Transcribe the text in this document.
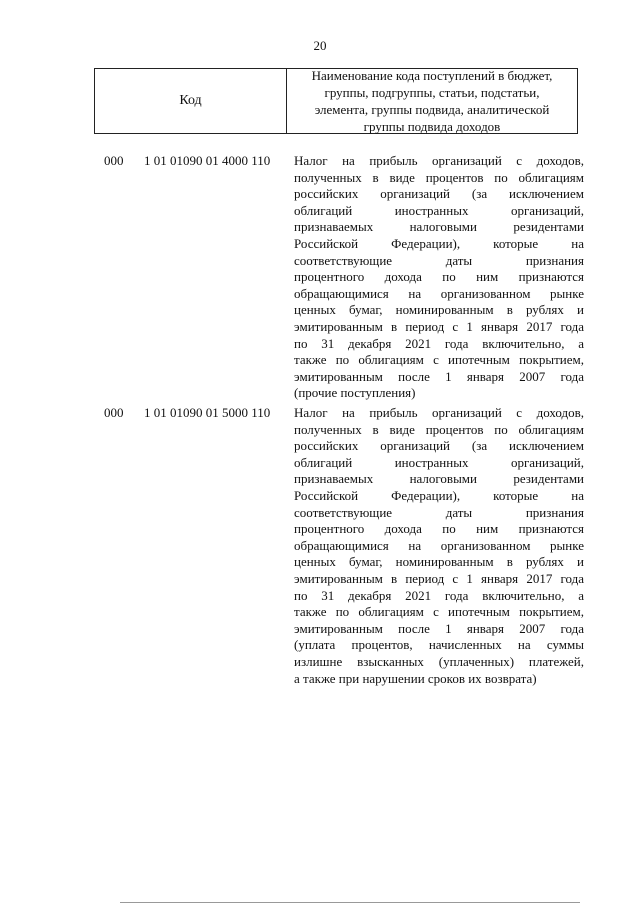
20
Код
Наименование кода поступлений в бюджет,
группы, подгруппы, статьи, подстатьи,
элемента, группы подвида, аналитической
группы подвида доходов
000 1 01 01090 01 4000 110 Налог на прибыль организаций с доходов,
полученных в виде процентов по облигациям
российских организаций (за исключением
облигаций иностранных организаций,
признаваемых налоговыми резидентами
Российской Федерации), которые на
соответствующие даты признания
процентного дохода по ним признаются
обращающимися на организованном рынке
ценных бумаг, номинированным в рублях и
эмитированным в период с 1 января 2017 года
по 31 декабря 2021 года включительно, а
также по облигациям с ипотечным покрытием,
эмитированным после 1 января 2007 года
(прочие поступления)
000 1 01 01090 01 5000 110 Налог на прибыль организаций с доходов,
полученных в виде процентов по облигациям
российских организаций (за исключением
облигаций иностранных организаций,
признаваемых налоговыми резидентами
Российской Федерации), которые на
соответствующие даты признания
процентного дохода по ним признаются
обращающимися на организованном рынке
ценных бумаг, номинированным в рублях и
эмитированным в период с 1 января 2017 года
по 31 декабря 2021 года включительно, а
также по облигациям с ипотечным покрытием,
эмитированным после 1 января 2007 года
(уплата процентов, начисленных на суммы
излишне взысканных (уплаченных) платежей,
а также при нарушении сроков их возврата)
